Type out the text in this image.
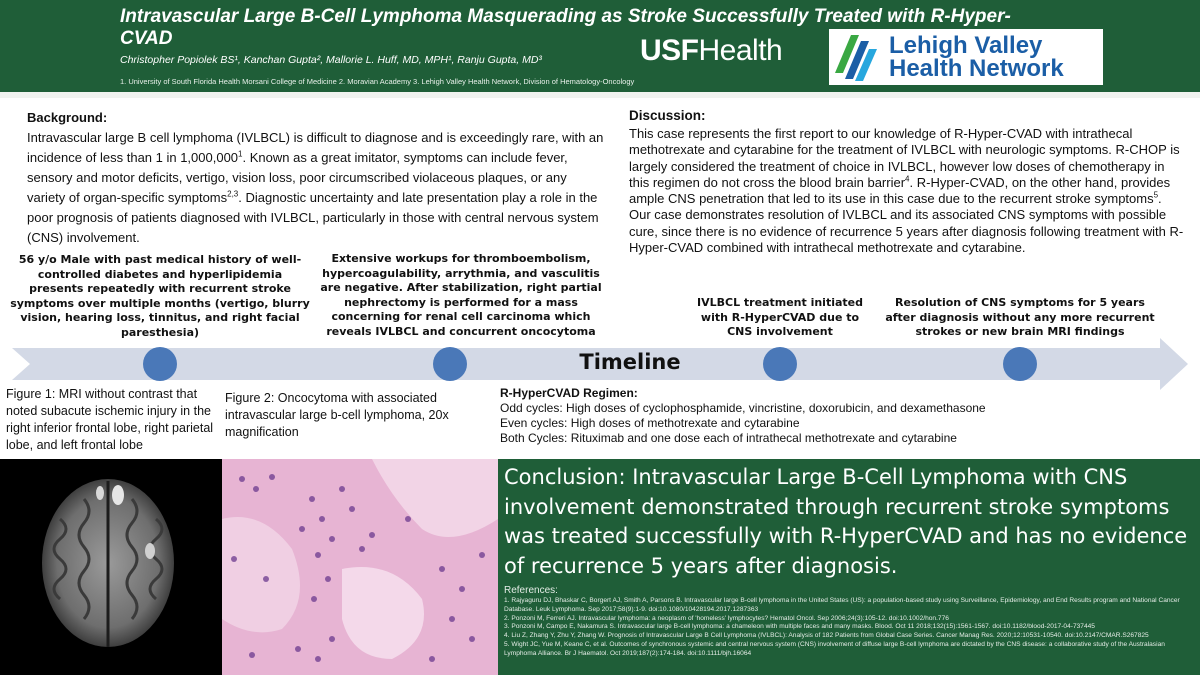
Intravascular Large B-Cell Lymphoma Masquerading as Stroke Successfully Treated with R-Hyper-CVAD
Christopher Popiolek BS¹, Kanchan Gupta², Mallorie L. Huff, MD, MPH¹, Ranju Gupta, MD³
1. University of South Florida Health Morsani College of Medicine 2. Moravian Academy 3. Lehigh Valley Health Network, Division of Hematology-Oncology
USFHealth	Lehigh Valley
Health Network
Background:
Intravascular large B cell lymphoma (IVLBCL) is difficult to diagnose and is exceedingly rare, with an incidence of less than 1 in 1,000,000$^1$. Known as a great imitator, symptoms can include fever, sensory and motor deficits, vertigo, vision loss, poor circumscribed violaceous plaques, or any variety of organ-specific symptoms$^{2,3}$. Diagnostic uncertainty and late presentation play a role in the poor prognosis of patients diagnosed with IVLBCL, particularly in those with central nervous system (CNS) involvement.
Discussion:
This case represents the first report to our knowledge of R-Hyper-CVAD with intrathecal methotrexate and cytarabine for the treatment of IVLBCL with neurologic symptoms. R-CHOP is largely considered the treatment of choice in IVLBCL, however low doses of chemotherapy in this regimen do not cross the blood brain barrier$^4$. R-Hyper-CVAD, on the other hand, provides ample CNS penetration that led to its use in this case due to the recurrent stroke symptoms$^5$. Our case demonstrates resolution of IVLBCL and its associated CNS symptoms with possible cure, since there is no evidence of recurrence 5 years after diagnosis following treatment with R-Hyper-CVAD combined with intrathecal methotrexate and cytarabine.
56 y/o Male with past medical history of well-controlled diabetes and hyperlipidemia presents repeatedly with recurrent stroke symptoms over multiple months (vertigo, blurry vision, hearing loss, tinnitus, and right facial paresthesia)
Extensive workups for thromboembolism, hypercoagulability, arrythmia, and vasculitis are negative. After stabilization, right partial nephrectomy is performed for a mass concerning for renal cell carcinoma which reveals IVLBCL and concurrent oncocytoma
IVLBCL treatment initiated with R-HyperCVAD due to CNS involvement
Resolution of CNS symptoms for 5 years after diagnosis without any more recurrent strokes or new brain MRI findings
Timeline
Figure 1: MRI without contrast that noted subacute ischemic injury in the right inferior frontal lobe, right parietal lobe, and left frontal lobe
Figure 2: Oncocytoma with associated intravascular large b-cell lymphoma, 20x magnification
R-HyperCVAD Regimen:
Odd cycles: High doses of cyclophosphamide, vincristine, doxorubicin, and dexamethasone
Even cycles: High doses of methotrexate and cytarabine
Both Cycles: Rituximab and one dose each of intrathecal methotrexate and cytarabine
Conclusion: Intravascular Large B-Cell Lymphoma with CNS involvement demonstrated through recurrent stroke symptoms was treated successfully with R-HyperCVAD and has no evidence of recurrence 5 years after diagnosis.
References:
1. Rajyaguru DJ, Bhaskar C, Borgert AJ, Smith A, Parsons B. Intravascular large B-cell lymphoma in the United States (US): a population-based study using Surveillance, Epidemiology, and End Results program and National Cancer Database. Leuk Lymphoma. Sep 2017;58(9):1-9. doi:10.1080/10428194.2017.1287363
2. Ponzoni M, Ferreri AJ. Intravascular lymphoma: a neoplasm of 'homeless' lymphocytes? Hematol Oncol. Sep 2006;24(3):105-12. doi:10.1002/hon.776
3. Ponzoni M, Campo E, Nakamura S. Intravascular large B-cell lymphoma: a chameleon with multiple faces and many masks. Blood. Oct 11 2018;132(15):1561-1567. doi:10.1182/blood-2017-04-737445
4. Liu Z, Zhang Y, Zhu Y, Zhang W. Prognosis of Intravascular Large B Cell Lymphoma (IVLBCL): Analysis of 182 Patients from Global Case Series. Cancer Manag Res. 2020;12:10531-10540. doi:10.2147/CMAR.S267825
5. Wight JC, Yue M, Keane C, et al. Outcomes of synchronous systemic and central nervous system (CNS) involvement of diffuse large B-cell lymphoma are dictated by the CNS disease: a collaborative study of the Australasian Lymphoma Alliance. Br J Haematol. Oct 2019;187(2):174-184. doi:10.1111/bjh.16064
